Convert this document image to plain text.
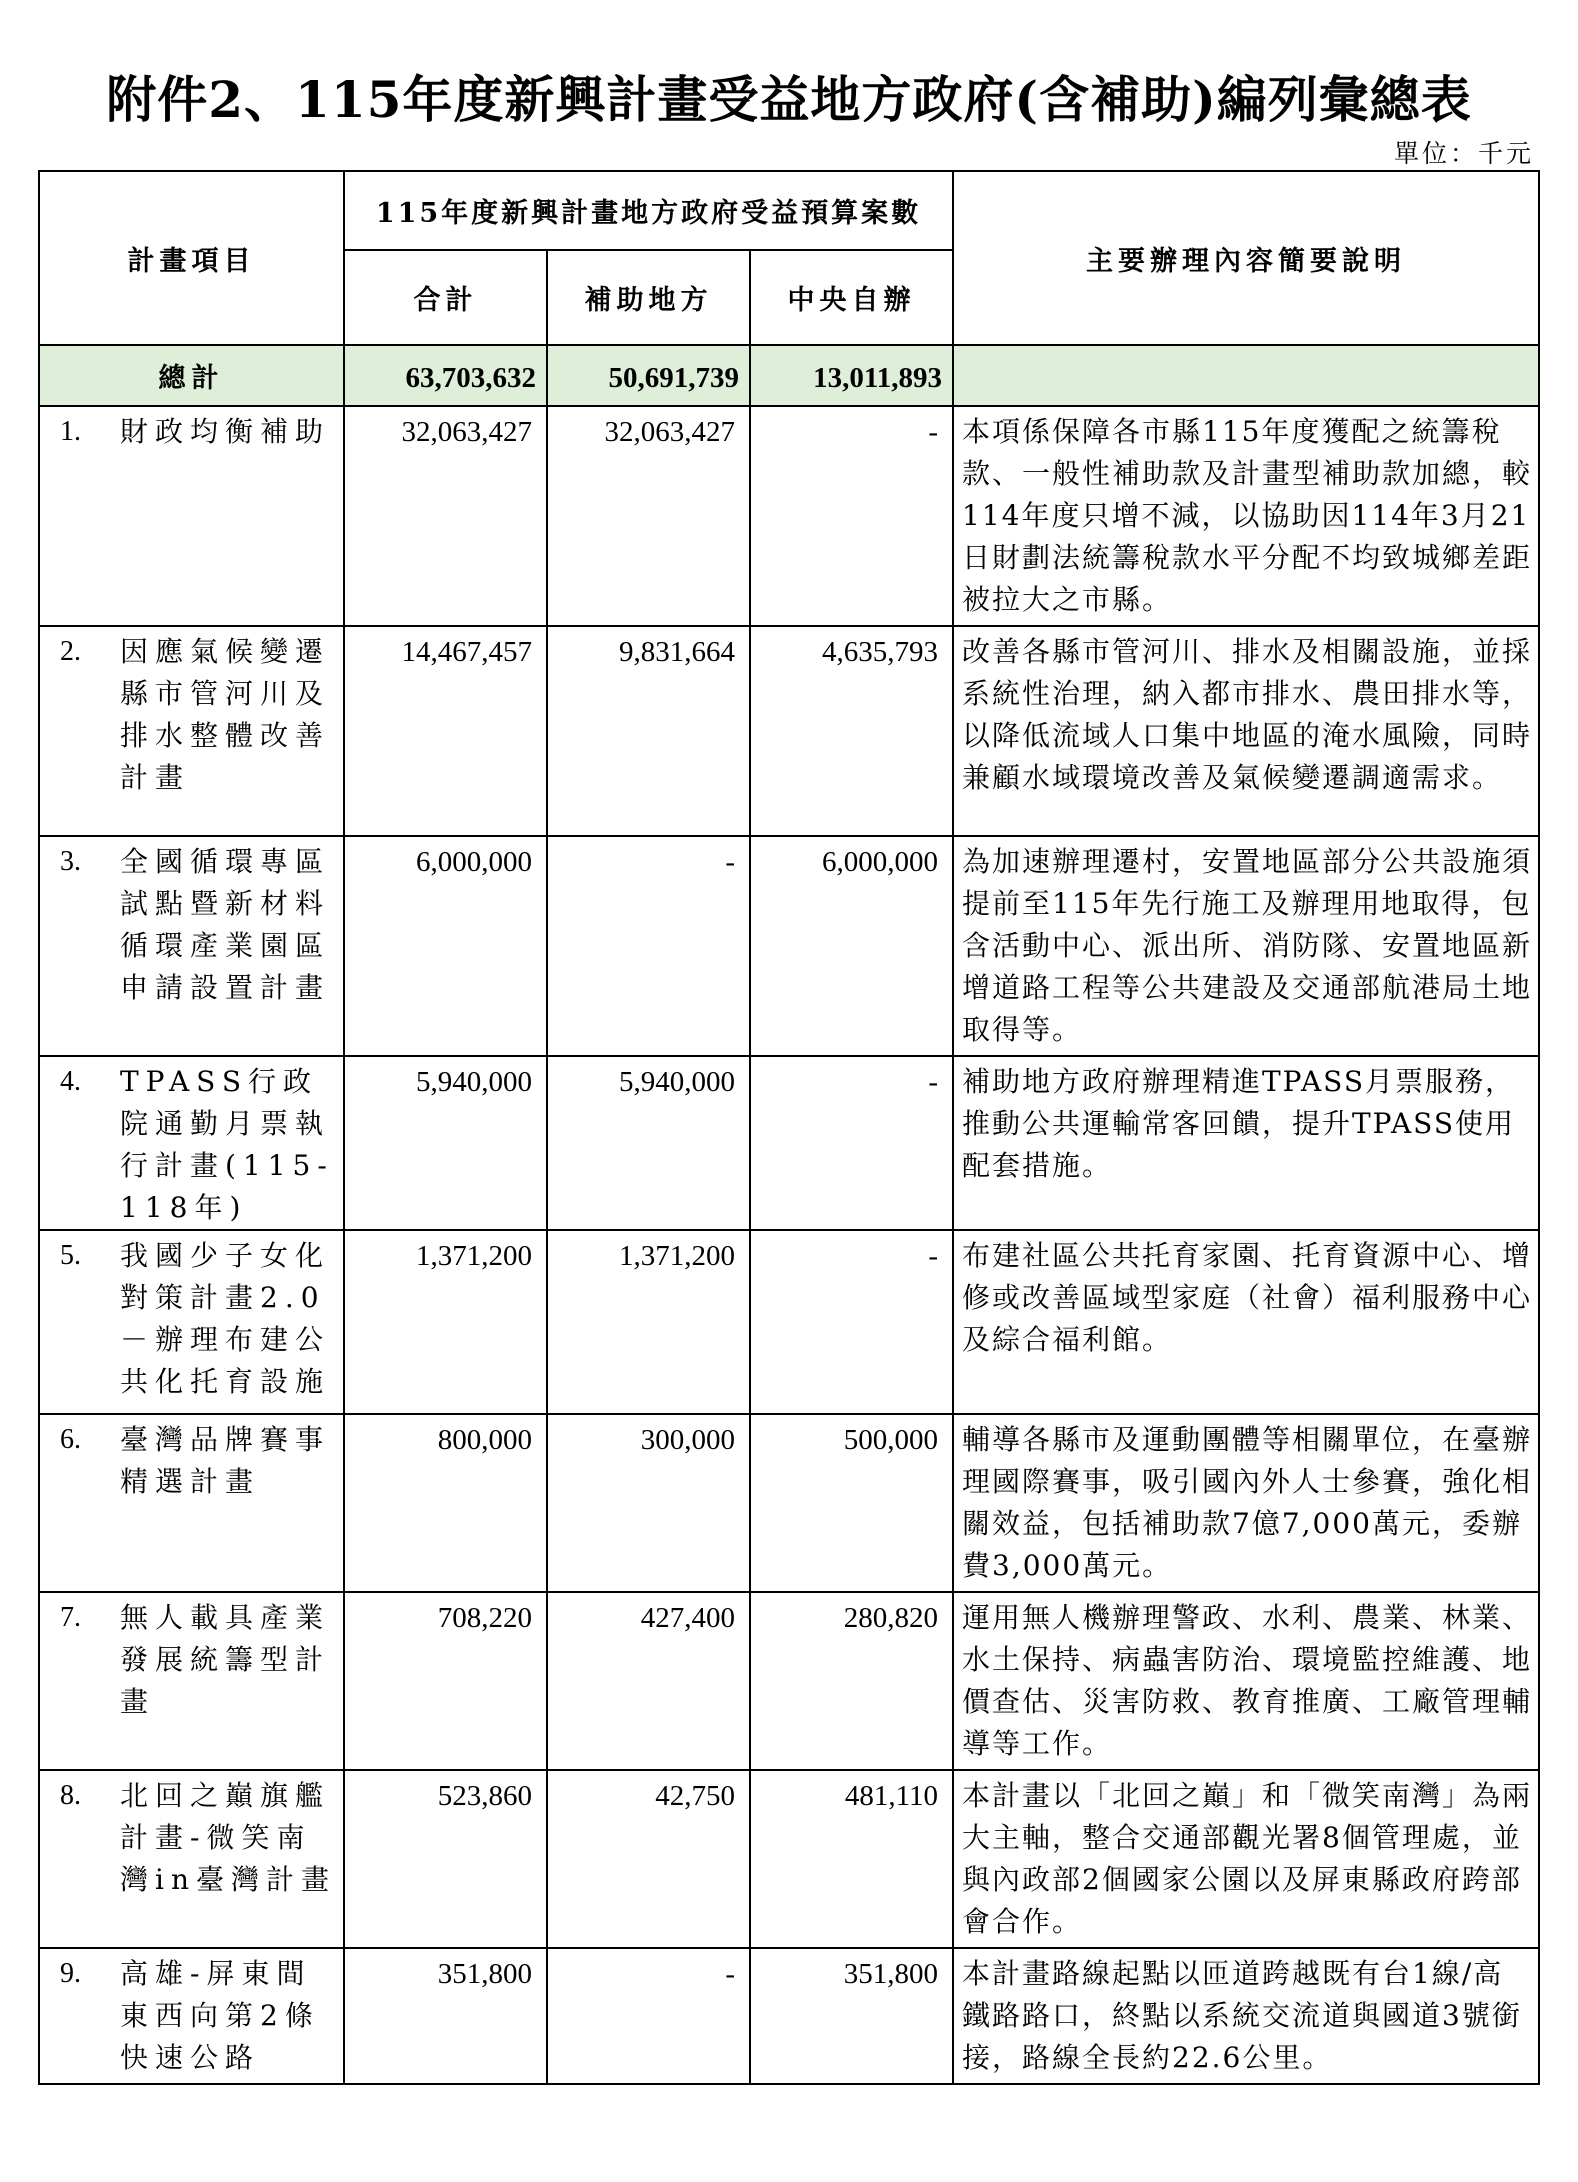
附件2、115年度新興計畫受益地方政府(含補助)編列彙總表
單位：千元
計畫項目	115年度新興計畫地方政府受益預算案數			主要辦理內容簡要說明
	合計	補助地方	中央自辦	
總計	63,703,632	50,691,739	13,011,893	

1. 財政均衡補助	32,063,427	32,063,427	-	本項係保障各市縣115年度獲配之統籌稅款、一般性補助款及計畫型補助款加總，較114年度只增不減，以協助因114年3月21日財劃法統籌稅款水平分配不均致城鄉差距被拉大之市縣。

2. 因應氣候變遷縣市管河川及排水整體改善計畫	14,467,457	9,831,664	4,635,793	改善各縣市管河川、排水及相關設施，並採系統性治理，納入都市排水、農田排水等，以降低流域人口集中地區的淹水風險，同時兼顧水域環境改善及氣候變遷調適需求。

3. 全國循環專區試點暨新材料循環產業園區申請設置計畫	6,000,000	-	6,000,000	為加速辦理遷村，安置地區部分公共設施須提前至115年先行施工及辦理用地取得，包含活動中心、派出所、消防隊、安置地區新增道路工程等公共建設及交通部航港局土地取得等。

4. TPASS行政院通勤月票執行計畫(115-118年)	5,940,000	5,940,000	-	補助地方政府辦理精進TPASS月票服務，推動公共運輸常客回饋，提升TPASS使用配套措施。

5. 我國少子女化對策計畫2.0－辦理布建公共化托育設施	1,371,200	1,371,200	-	布建社區公共托育家園、托育資源中心、增修或改善區域型家庭（社會）福利服務中心及綜合福利館。

6. 臺灣品牌賽事精選計畫	800,000	300,000	500,000	輔導各縣市及運動團體等相關單位，在臺辦理國際賽事，吸引國內外人士參賽，強化相關效益，包括補助款7億7,000萬元，委辦費3,000萬元。

7. 無人載具產業發展統籌型計畫	708,220	427,400	280,820	運用無人機辦理警政、水利、農業、林業、水土保持、病蟲害防治、環境監控維護、地價查估、災害防救、教育推廣、工廠管理輔導等工作。

8. 北回之巔旗艦計畫-微笑南灣in臺灣計畫	523,860	42,750	481,110	本計畫以「北回之巔」和「微笑南灣」為兩大主軸，整合交通部觀光署8個管理處，並與內政部2個國家公園以及屏東縣政府跨部會合作。

9. 高雄-屏東間東西向第2條快速公路	351,800	-	351,800	本計畫路線起點以匝道跨越既有台1線/高鐵路路口，終點以系統交流道與國道3號銜接，路線全長約22.6公里。
